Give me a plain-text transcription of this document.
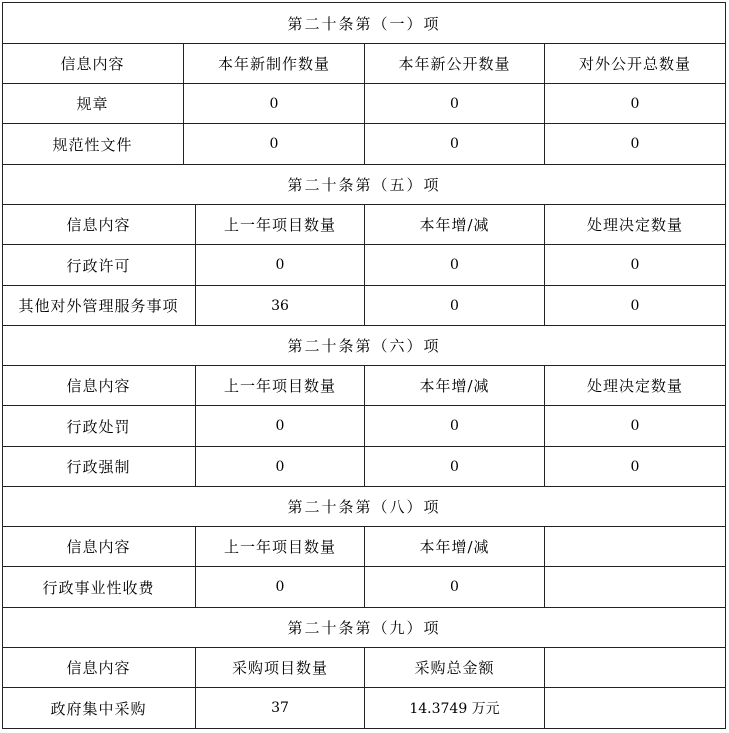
第二十条第（一）项
信息内容	本年新制作数量	本年新公开数量	对外公开总数量
规章	0	0	0
规范性文件	0	0	0
第二十条第（五）项
信息内容	上一年项目数量	本年增/减	处理决定数量
行政许可	0	0	0
其他对外管理服务事项	36	0	0
第二十条第（六）项
信息内容	上一年项目数量	本年增/减	处理决定数量
行政处罚	0	0	0
行政强制	0	0	0
第二十条第（八）项
信息内容	上一年项目数量	本年增/减
行政事业性收费	0	0
第二十条第（九）项
信息内容	采购项目数量	采购总金额
政府集中采购	37	14.3749 万元
